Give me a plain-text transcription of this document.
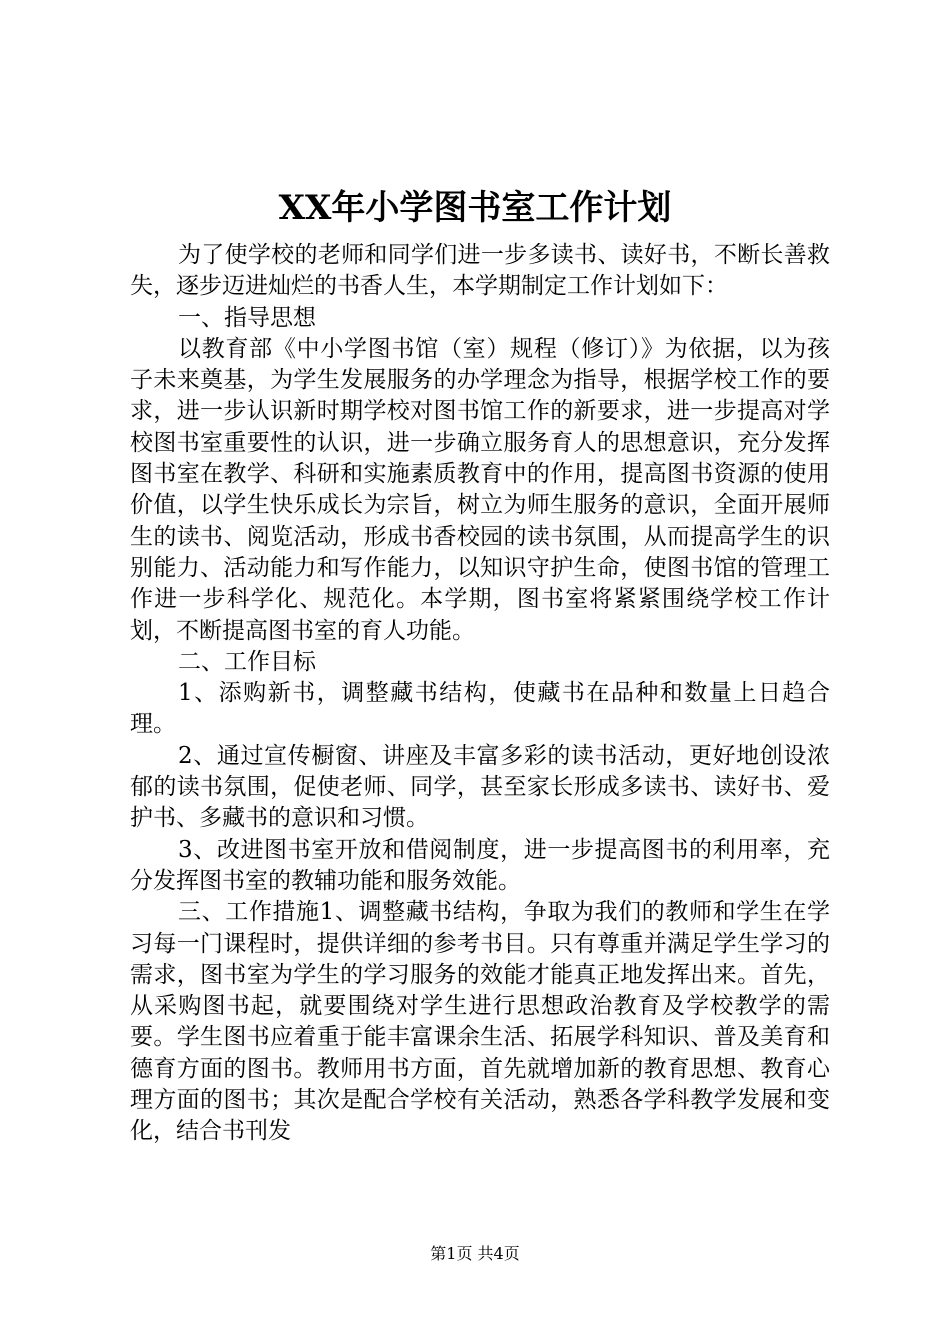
XX年小学图书室工作计划

为了使学校的老师和同学们进一步多读书、读好书，不断长善救失，逐步迈进灿烂的书香人生，本学期制定工作计划如下：

一、指导思想

以教育部《中小学图书馆（室）规程（修订）》为依据，以为孩子未来奠基，为学生发展服务的办学理念为指导，根据学校工作的要求，进一步认识新时期学校对图书馆工作的新要求，进一步提高对学校图书室重要性的认识，进一步确立服务育人的思想意识，充分发挥图书室在教学、科研和实施素质教育中的作用，提高图书资源的使用价值，以学生快乐成长为宗旨，树立为师生服务的意识，全面开展师生的读书、阅览活动，形成书香校园的读书氛围，从而提高学生的识别能力、活动能力和写作能力，以知识守护生命，使图书馆的管理工作进一步科学化、规范化。本学期，图书室将紧紧围绕学校工作计划，不断提高图书室的育人功能。

二、工作目标

1、添购新书，调整藏书结构，使藏书在品种和数量上日趋合理。

2、通过宣传橱窗、讲座及丰富多彩的读书活动，更好地创设浓郁的读书氛围，促使老师、同学，甚至家长形成多读书、读好书、爱护书、多藏书的意识和习惯。

3、改进图书室开放和借阅制度，进一步提高图书的利用率，充分发挥图书室的教辅功能和服务效能。

三、工作措施1、调整藏书结构，争取为我们的教师和学生在学习每一门课程时，提供详细的参考书目。只有尊重并满足学生学习的需求，图书室为学生的学习服务的效能才能真正地发挥出来。首先，从采购图书起，就要围绕对学生进行思想政治教育及学校教学的需要。学生图书应着重于能丰富课余生活、拓展学科知识、普及美育和德育方面的图书。教师用书方面，首先就增加新的教育思想、教育心理方面的图书；其次是配合学校有关活动，熟悉各学科教学发展和变化，结合书刊发

第1页 共4页
